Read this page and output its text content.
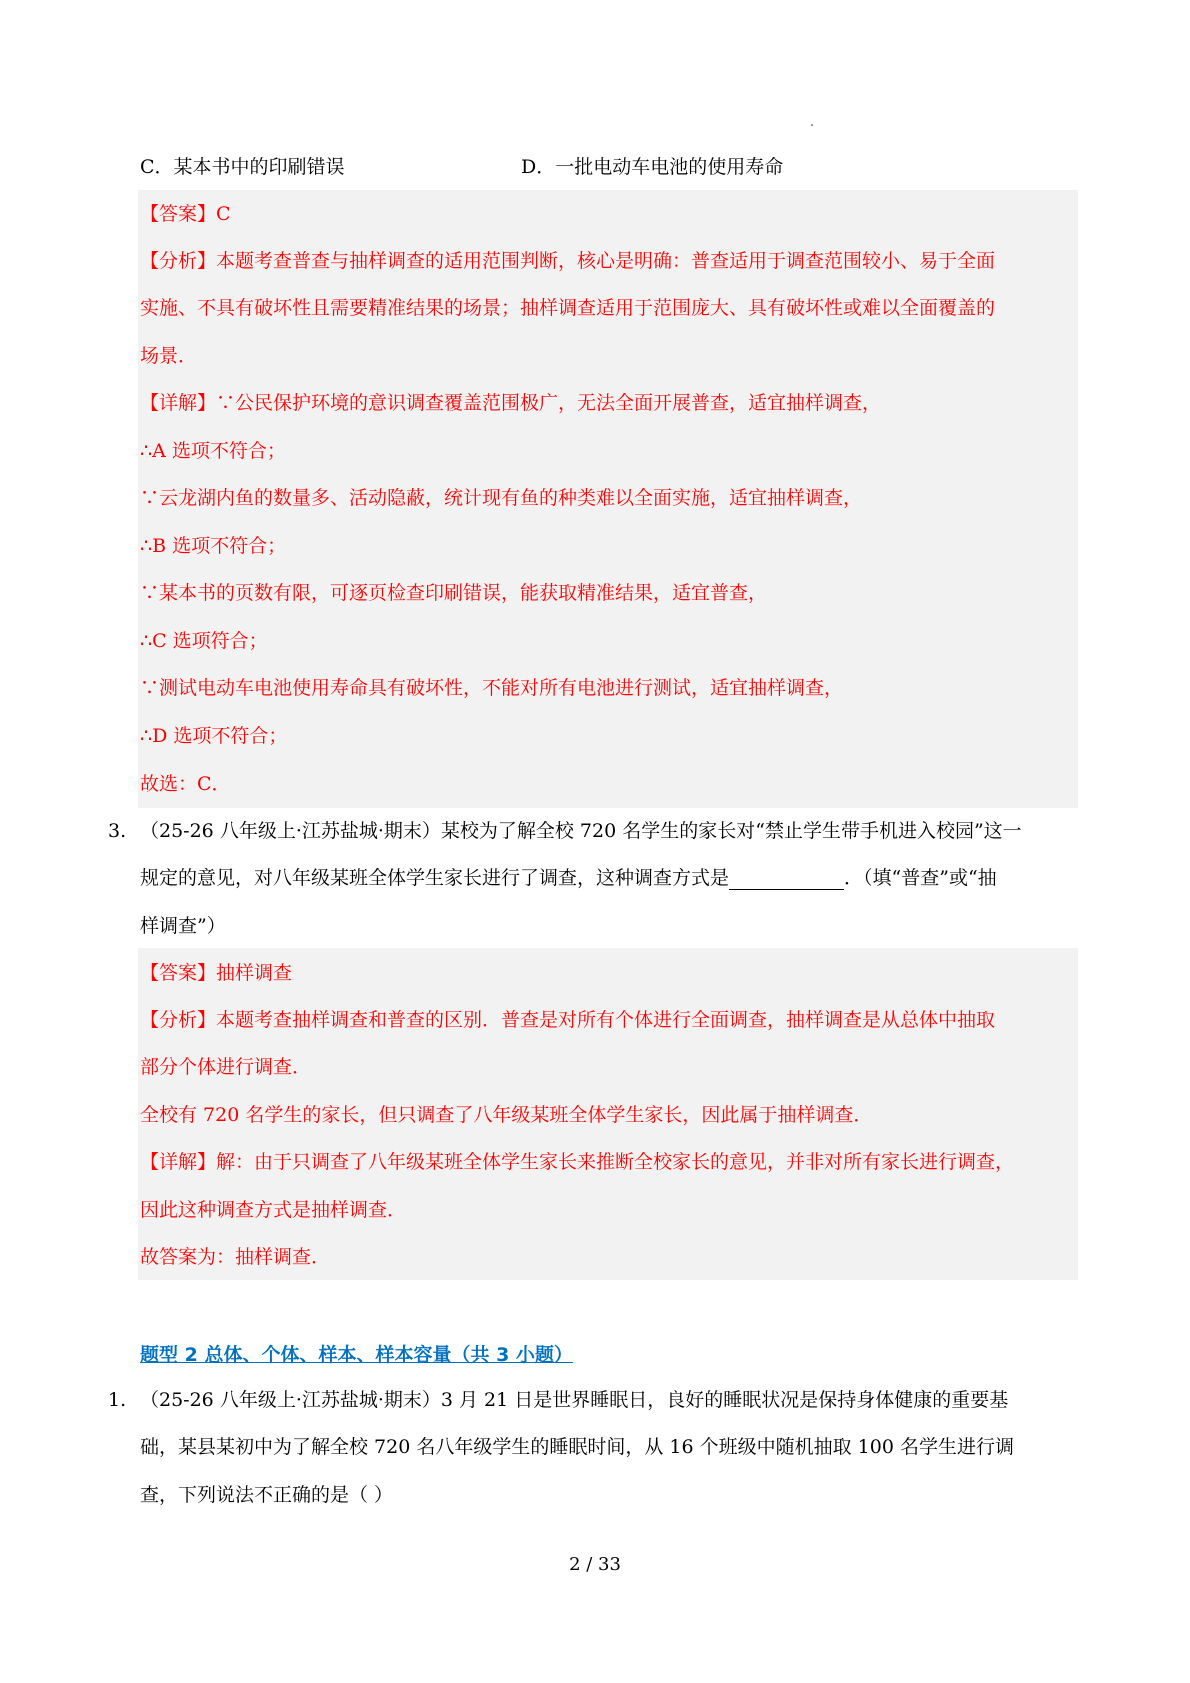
C．某本书中的印刷错误	D．一批电动车电池的使用寿命
【答案】C
【分析】本题考查普查与抽样调查的适用范围判断，核心是明确：普查适用于调查范围较小、易于全面
实施、不具有破坏性且需要精准结果的场景；抽样调查适用于范围庞大、具有破坏性或难以全面覆盖的
场景．
【详解】∵公民保护环境的意识调查覆盖范围极广，无法全面开展普查，适宜抽样调查，
∴A 选项不符合；
∵云龙湖内鱼的数量多、活动隐蔽，统计现有鱼的种类难以全面实施，适宜抽样调查，
∴B 选项不符合；
∵某本书的页数有限，可逐页检查印刷错误，能获取精准结果，适宜普查，
∴C 选项符合；
∵测试电动车电池使用寿命具有破坏性，不能对所有电池进行测试，适宜抽样调查，
∴D 选项不符合；
故选：C．
3. （25-26 八年级上·江苏盐城·期末）某校为了解全校 720 名学生的家长对“禁止学生带手机进入校园”这一
规定的意见，对八年级某班全体学生家长进行了调查，这种调查方式是	．（填“普查”或“抽
样调查”）
【答案】抽样调查
【分析】本题考查抽样调查和普查的区别．普查是对所有个体进行全面调查，抽样调查是从总体中抽取
部分个体进行调查．
全校有 720 名学生的家长，但只调查了八年级某班全体学生家长，因此属于抽样调查．
【详解】解：由于只调查了八年级某班全体学生家长来推断全校家长的意见，并非对所有家长进行调查，
因此这种调查方式是抽样调查．
故答案为：抽样调查．
题型 2 总体、个体、样本、样本容量（共 3 小题）
1. （25-26 八年级上·江苏盐城·期末）3 月 21 日是世界睡眠日，良好的睡眠状况是保持身体健康的重要基
础，某县某初中为了解全校 720 名八年级学生的睡眠时间，从 16 个班级中随机抽取 100 名学生进行调
查，下列说法不正确的是（ ）
2 / 33
